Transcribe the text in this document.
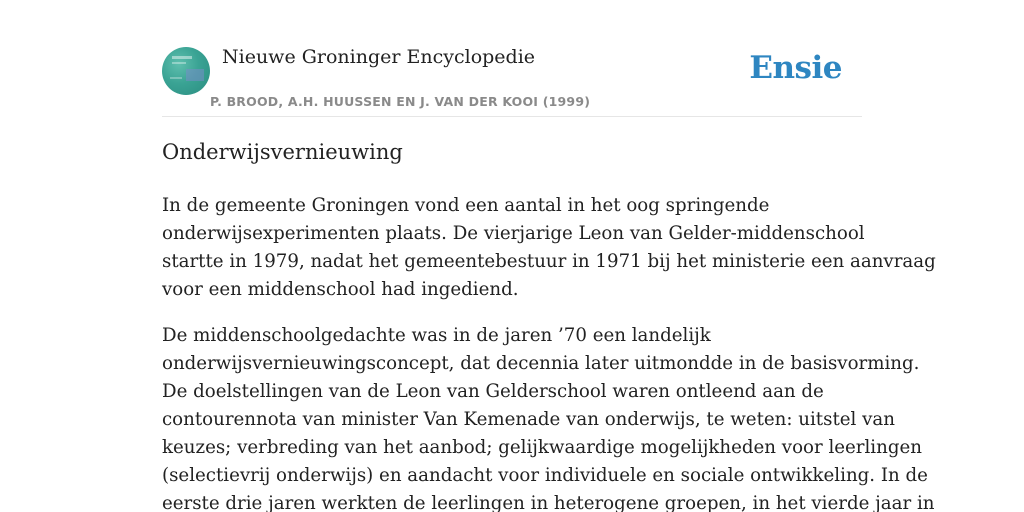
Nieuwe Groninger Encyclopedie
P. BROOD, A.H. HUUSSEN EN J. VAN DER KOOI (1999)
Ensie
Onderwijsvernieuwing

In de gemeente Groningen vond een aantal in het oog springende
onderwijsexperimenten plaats. De vierjarige Leon van Gelder-middenschool
startte in 1979, nadat het gemeentebestuur in 1971 bij het ministerie een aanvraag
voor een middenschool had ingediend.

De middenschoolgedachte was in de jaren ’70 een landelijk
onderwijsvernieuwingsconcept, dat decennia later uitmondde in de basisvorming.
De doelstellingen van de Leon van Gelderschool waren ontleend aan de
contourennota van minister Van Kemenade van onderwijs, te weten: uitstel van
keuzes; verbreding van het aanbod; gelijkwaardige mogelijkheden voor leerlingen
(selectievrij onderwijs) en aandacht voor individuele en sociale ontwikkeling. In de
eerste drie jaren werkten de leerlingen in heterogene groepen, in het vierde jaar in
